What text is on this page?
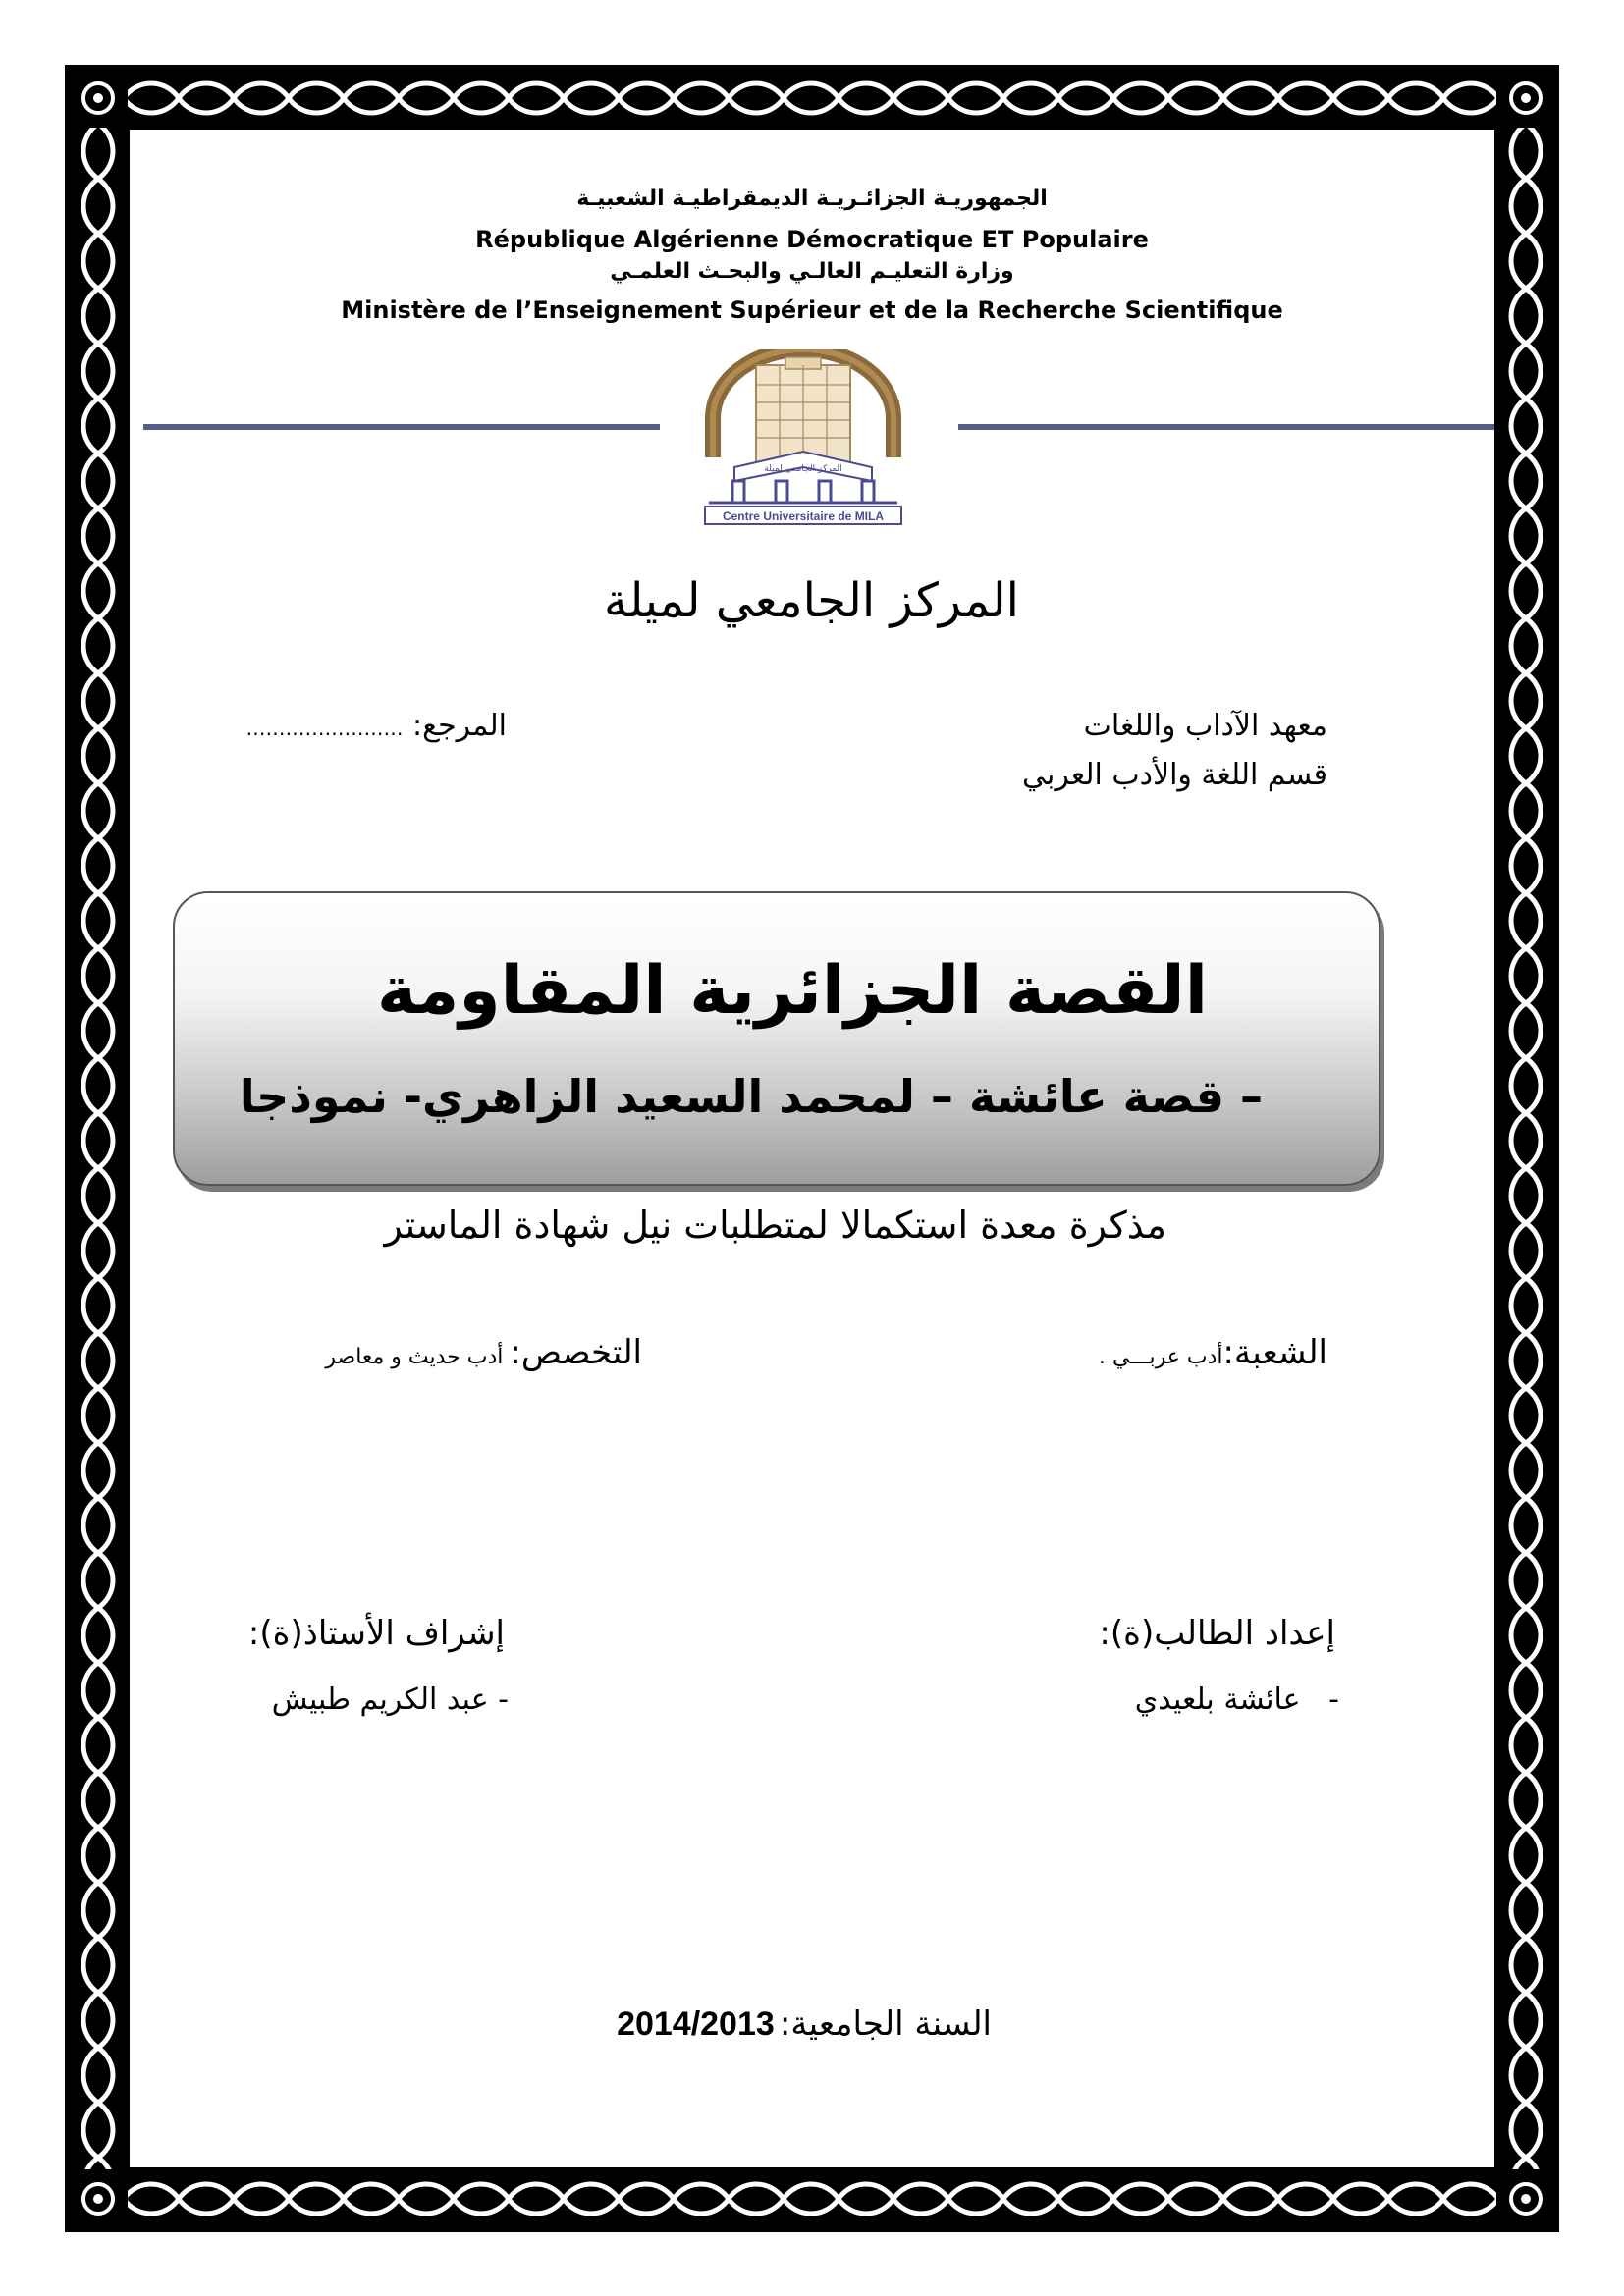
الجمهوريـة الجزائـريـة الديمقراطيـة الشعبيـة
République Algérienne Démocratique ET Populaire
وزارة التعليـم العالـي والبحـث العلمـي
Ministère de l’Enseignement Supérieur et de la Recherche Scientifique
المركز الجامعي لميلة
Centre Universitaire de MILA
المركز الجامعي لميلة
معهد الآداب واللغات
قسم اللغة والأدب العربي
المرجع: ……………………
القصة الجزائرية المقاومة
– قصة عائشة – لمحمد السعيد الزاهري- نموذجا
مذكرة معدة استكمالا لمتطلبات نيل شهادة الماستر
الشعبة:أدب عربـــي .
التخصص: أدب حديث و معاصر
إعداد الطالب(ة):
-   عائشة بلعيدي
إشراف الأستاذ(ة):
- عبد الكريم طبيش
السنة الجامعية: 2014/2013
